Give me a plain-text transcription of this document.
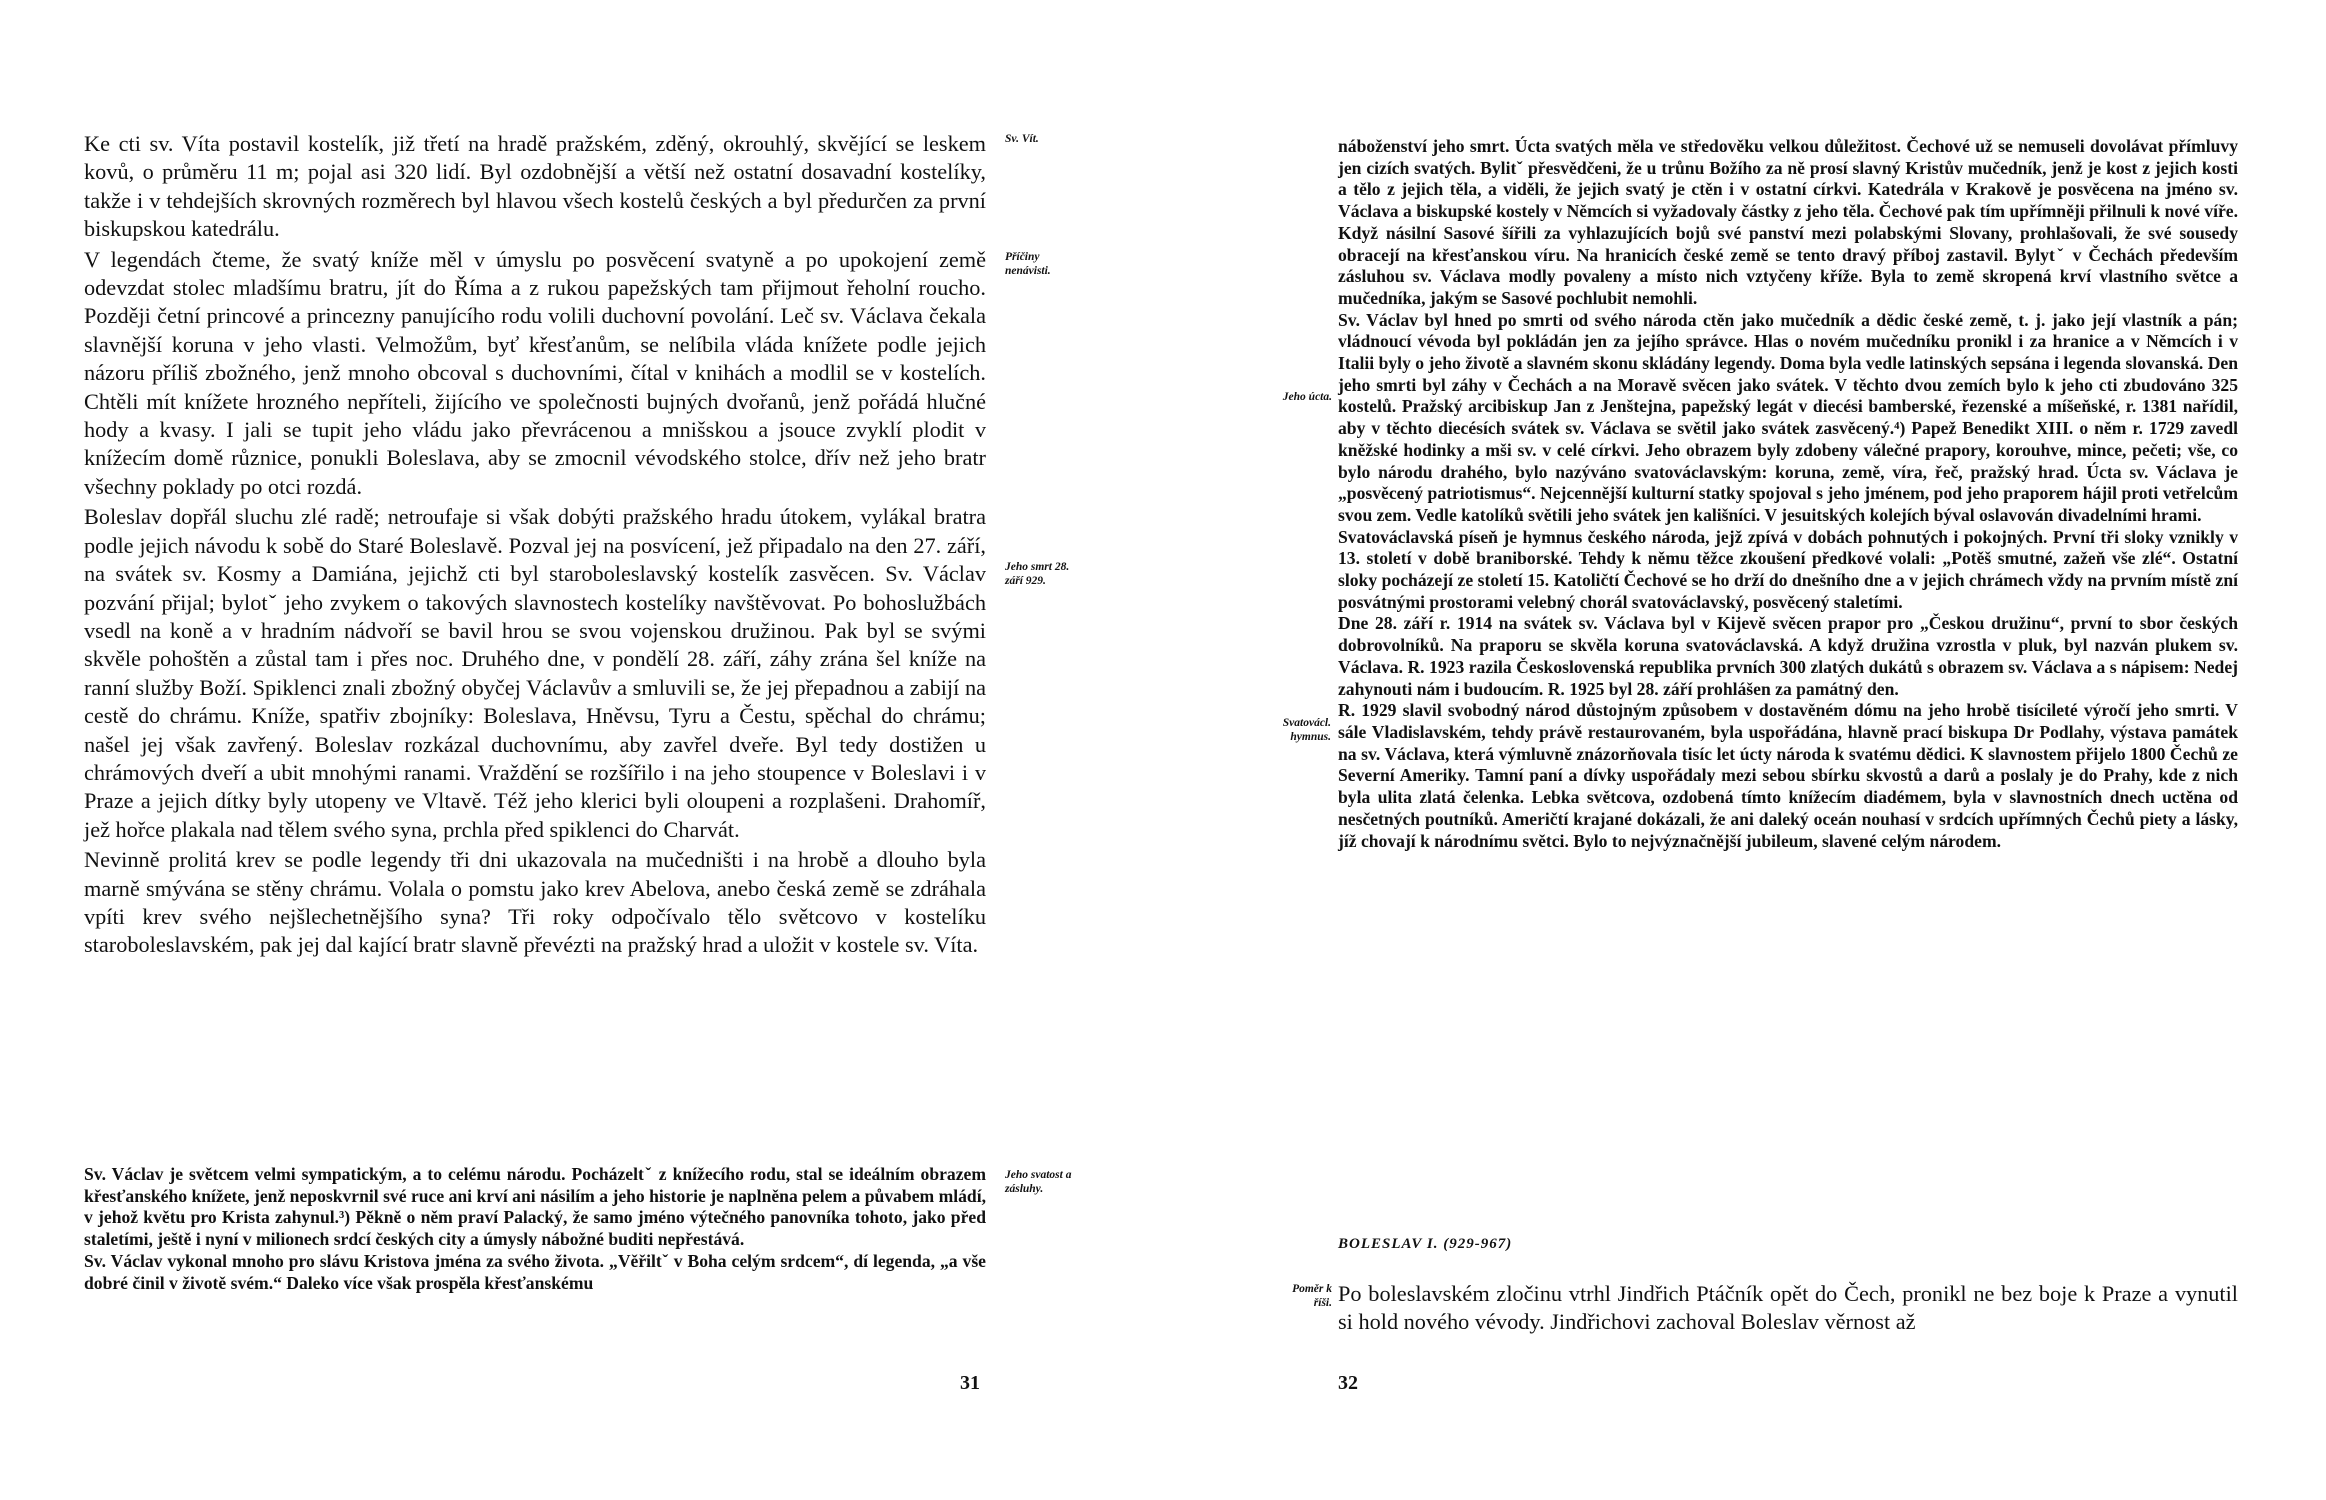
Ke cti sv. Víta postavil kostelík, již třetí na hradě pražském, zděný, okrouhlý, skvějící se leskem kovů, o průměru 11 m; pojal asi 320 lidí. Byl ozdobnější a větší než ostatní dosavadní kostelíky, takže i v tehdejších skrovných rozměrech byl hlavou všech kostelů českých a byl předurčen za první biskupskou katedrálu.

V legendách čteme, že svatý kníže měl v úmyslu po posvěcení svatyně a po upokojení země odevzdat stolec mladšímu bratru, jít do Říma a z rukou papežských tam přijmout řeholní roucho. Později četní princové a princezny panujícího rodu volili duchovní povolání. Leč sv. Václava čekala slavnější koruna v jeho vlasti. Velmožům, byť křesťanům, se nelíbila vláda knížete podle jejich názoru příliš zbožného, jenž mnoho obcoval s duchovními, čítal v knihách a modlil se v kostelích. Chtěli mít knížete hrozného nepříteli, žijícího ve společnosti bujných dvořanů, jenž pořádá hlučné hody a kvasy. I jali se tupit jeho vládu jako převrácenou a mnišskou a jsouce zvyklí plodit v knížecím domě různice, ponukli Boleslava, aby se zmocnil vévodského stolce, dřív než jeho bratr všechny poklady po otci rozdá.

Boleslav dopřál sluchu zlé radě; netroufaje si však dobýti pražského hradu útokem, vylákal bratra podle jejich návodu k sobě do Staré Boleslavě. Pozval jej na posvícení, jež připadalo na den 27. září, na svátek sv. Kosmy a Damiána, jejichž cti byl staroboleslavský kostelík zasvěcen. Sv. Václav pozvání přijal; bylotˇ jeho zvykem o takových slavnostech kostelíky navštěvovat. Po bohoslužbách vsedl na koně a v hradním nádvoří se bavil hrou se svou vojenskou družinou. Pak byl se svými skvěle pohoštěn a zůstal tam i přes noc. Druhého dne, v pondělí 28. září, záhy zrána šel kníže na ranní služby Boží. Spiklenci znali zbožný obyčej Václavův a smluvili se, že jej přepadnou a zabijí na cestě do chrámu. Kníže, spatřiv zbojníky: Boleslava, Hněvsu, Tyru a Čestu, spěchal do chrámu; našel jej však zavřený. Boleslav rozkázal duchovnímu, aby zavřel dveře. Byl tedy dostižen u chrámových dveří a ubit mnohými ranami. Vraždění se rozšířilo i na jeho stoupence v Boleslavi i v Praze a jejich dítky byly utopeny ve Vltavě. Též jeho klerici byli oloupeni a rozplašeni. Drahomíř, jež hořce plakala nad tělem svého syna, prchla před spiklenci do Charvát.

Nevinně prolitá krev se podle legendy tři dni ukazovala na mučedništi i na hrobě a dlouho byla marně smývána se stěny chrámu. Volala o pomstu jako krev Abelova, anebo česká země se zdráhala vpíti krev svého nejšlechetnějšího syna? Tři roky odpočívalo tělo světcovo v kostelíku staroboleslavském, pak jej dal kající bratr slavně převézti na pražský hrad a uložit v kostele sv. Víta.

Sv. Václav je světcem velmi sympatickým, a to celému národu. Pocházeltˇ z knížecího rodu, stal se ideálním obrazem křesťanského knížete, jenž neposkvrnil své ruce ani krví ani násilím a jeho historie je naplněna pelem a půvabem mládí, v jehož květu pro Krista zahynul.³) Pěkně o něm praví Palacký, že samo jméno výtečného panovníka tohoto, jako před staletími, ještě i nyní v milionech srdcí českých city a úmysly nábožné buditi nepřestává.

Sv. Václav vykonal mnoho pro slávu Kristova jména za svého života. „Věřiltˇ v Boha celým srdcem“, dí legenda, „a vše dobré činil v životě svém.“ Daleko více však prospěla křesťanskému

Sv. Vít.
Příčiny nenávisti.
Jeho smrt 28. září 929.
Jeho svatost a zásluhy.
31

náboženství jeho smrt. Úcta svatých měla ve středověku velkou důležitost. Čechové už se nemuseli dovolávat přímluvy jen cizích svatých. Bylitˇ přesvědčeni, že u trůnu Božího za ně prosí slavný Kristův mučedník, jenž je kost z jejich kosti a tělo z jejich těla, a viděli, že jejich svatý je ctěn i v ostatní církvi. Katedrála v Krakově je posvěcena na jméno sv. Václava a biskupské kostely v Němcích si vyžadovaly částky z jeho těla. Čechové pak tím upřímněji přilnuli k nové víře. Když násilní Sasové šířili za vyhlazujících bojů své panství mezi polabskými Slovany, prohlašovali, že své sousedy obracejí na křesťanskou víru. Na hranicích české země se tento dravý příboj zastavil. Bylytˇ v Čechách především zásluhou sv. Václava modly povaleny a místo nich vztyčeny kříže. Byla to země skropená krví vlastního světce a mučedníka, jakým se Sasové pochlubit nemohli.

Sv. Václav byl hned po smrti od svého národa ctěn jako mučedník a dědic české země, t. j. jako její vlastník a pán; vládnoucí vévoda byl pokládán jen za jejího správce. Hlas o novém mučedníku pronikl i za hranice a v Němcích i v Italii byly o jeho životě a slavném skonu skládány legendy. Doma byla vedle latinských sepsána i legenda slovanská. Den jeho smrti byl záhy v Čechách a na Moravě svěcen jako svátek. V těchto dvou zemích bylo k jeho cti zbudováno 325 kostelů. Pražský arcibiskup Jan z Jenštejna, papežský legát v diecési bamberské, řezenské a míšeňské, r. 1381 nařídil, aby v těchto diecésích svátek sv. Václava se světil jako svátek zasvěcený.⁴) Papež Benedikt XIII. o něm r. 1729 zavedl kněžské hodinky a mši sv. v celé církvi. Jeho obrazem byly zdobeny válečné prapory, korouhve, mince, pečeti; vše, co bylo národu drahého, bylo nazýváno svatováclavským: koruna, země, víra, řeč, pražský hrad. Úcta sv. Václava je „posvěcený patriotismus“. Nejcennější kulturní statky spojoval s jeho jménem, pod jeho praporem hájil proti vetřelcům svou zem. Vedle katolíků světili jeho svátek jen kališníci. V jesuitských kolejích býval oslavován divadelními hrami.

Svatováclavská píseň je hymnus českého národa, jejž zpívá v dobách pohnutých i pokojných. První tři sloky vznikly v 13. století v době braniborské. Tehdy k němu těžce zkoušení předkové volali: „Potěš smutné, zažeň vše zlé“. Ostatní sloky pocházejí ze století 15. Katoličtí Čechové se ho drží do dnešního dne a v jejich chrámech vždy na prvním místě zní posvátnými prostorami velebný chorál svatováclavský, posvěcený staletími.

Dne 28. září r. 1914 na svátek sv. Václava byl v Kijevě svěcen prapor pro „Českou družinu“, první to sbor českých dobrovolníků. Na praporu se skvěla koruna svatováclavská. A když družina vzrostla v pluk, byl nazván plukem sv. Václava. R. 1923 razila Československá republika prvních 300 zlatých dukátů s obrazem sv. Václava a s nápisem: Nedej zahynouti nám i budoucím. R. 1925 byl 28. září prohlášen za památný den.

R. 1929 slavil svobodný národ důstojným způsobem v dostavěném dómu na jeho hrobě tisícileté výročí jeho smrti. V sále Vladislavském, tehdy právě restaurovaném, byla uspořádána, hlavně prací biskupa Dr Podlahy, výstava památek na sv. Václava, která výmluvně znázorňovala tisíc let úcty národa k svatému dědici. K slavnostem přijelo 1800 Čechů ze Severní Ameriky. Tamní paní a dívky uspořádaly mezi sebou sbírku skvostů a darů a poslaly je do Prahy, kde z nich byla ulita zlatá čelenka. Lebka světcova, ozdobená tímto knížecím diadémem, byla v slavnostních dnech uctěna od nesčetných poutníků. Američtí krajané dokázali, že ani daleký oceán nouhasí v srdcích upřímných Čechů piety a lásky, jíž chovají k národnímu světci. Bylo to nejvýznačnější jubileum, slavené celým národem.

BOLESLAV I. (929-967)

Po boleslavském zločinu vtrhl Jindřich Ptáčník opět do Čech, pronikl ne bez boje k Praze a vynutil si hold nového vévody. Jindřichovi zachoval Boleslav věrnost až

Jeho úcta.
Svatovácl. hymnus.
Poměr k říši.
32
